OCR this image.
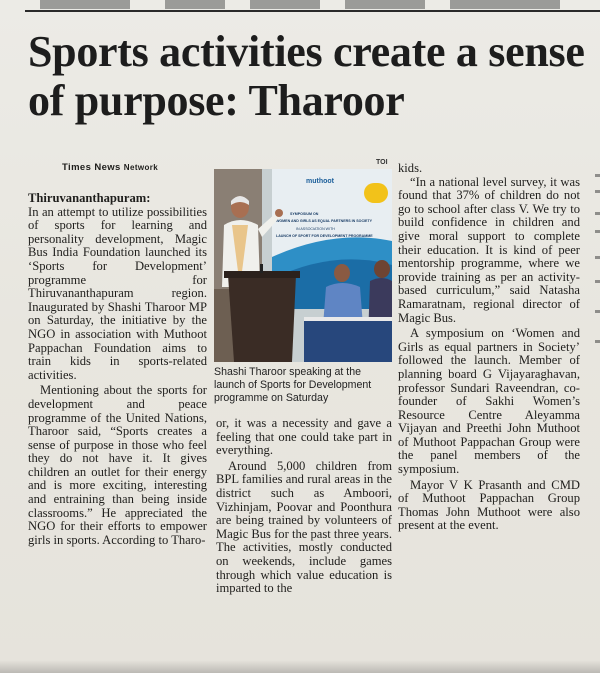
Sports activities create a sense of purpose: Tharoor
Times News Network

Thiruvananthapuram:
In an attempt to utilize possibilities of sports for learning and personality development, Magic Bus India Foundation launched its ‘Sports for Development’ programme for Thiruvananthapuram region. Inaugurated by Shashi Tharoor MP on Saturday, the initiative by the NGO in association with Muthoot Pappachan Foundation aims to train kids in sports-related activities.

Mentioning about the sports for development and peace programme of the United Nations, Tharoor said, “Sports creates a sense of purpose in those who feel they do not have it. It gives children an outlet for their energy and is more exciting, interesting and entraining than being inside classrooms.” He appreciated the NGO for their efforts to empower girls in sports. According to Tharo-

TOI
muthoot
SYMPOSIUM ON
WOMEN AND GIRLS AS EQUAL PARTNERS IN SOCIETY
IN ASSOCIATION WITH
LAUNCH OF SPORT FOR DEVELOPMENT PROGRAMME

Shashi Tharoor speaking at the launch of Sports for Development programme on Saturday

or, it was a necessity and gave a feeling that one could take part in everything.

Around 5,000 children from BPL families and rural areas in the district such as Amboori, Vizhinjam, Poovar and Poonthura are being trained by volunteers of Magic Bus for the past three years. The activities, mostly conducted on weekends, include games through which value education is imparted to the

kids.

“In a national level survey, it was found that 37% of children do not go to school after class V. We try to build confidence in children and give moral support to complete their education. It is kind of peer mentorship programme, where we provide training as per an activity-based curriculum,” said Natasha Ramaratnam, regional director of Magic Bus.

A symposium on ‘Women and Girls as equal partners in Society’ followed the launch. Member of planning board G Vijayaraghavan, professor Sundari Raveendran, co-founder of Sakhi Women’s Resource Centre Aleyamma Vijayan and Preethi John Muthoot of Muthoot Pappachan Group were the panel members of the symposium.

Mayor V K Prasanth and CMD of Muthoot Pappachan Group Thomas John Muthoot were also present at the event.
